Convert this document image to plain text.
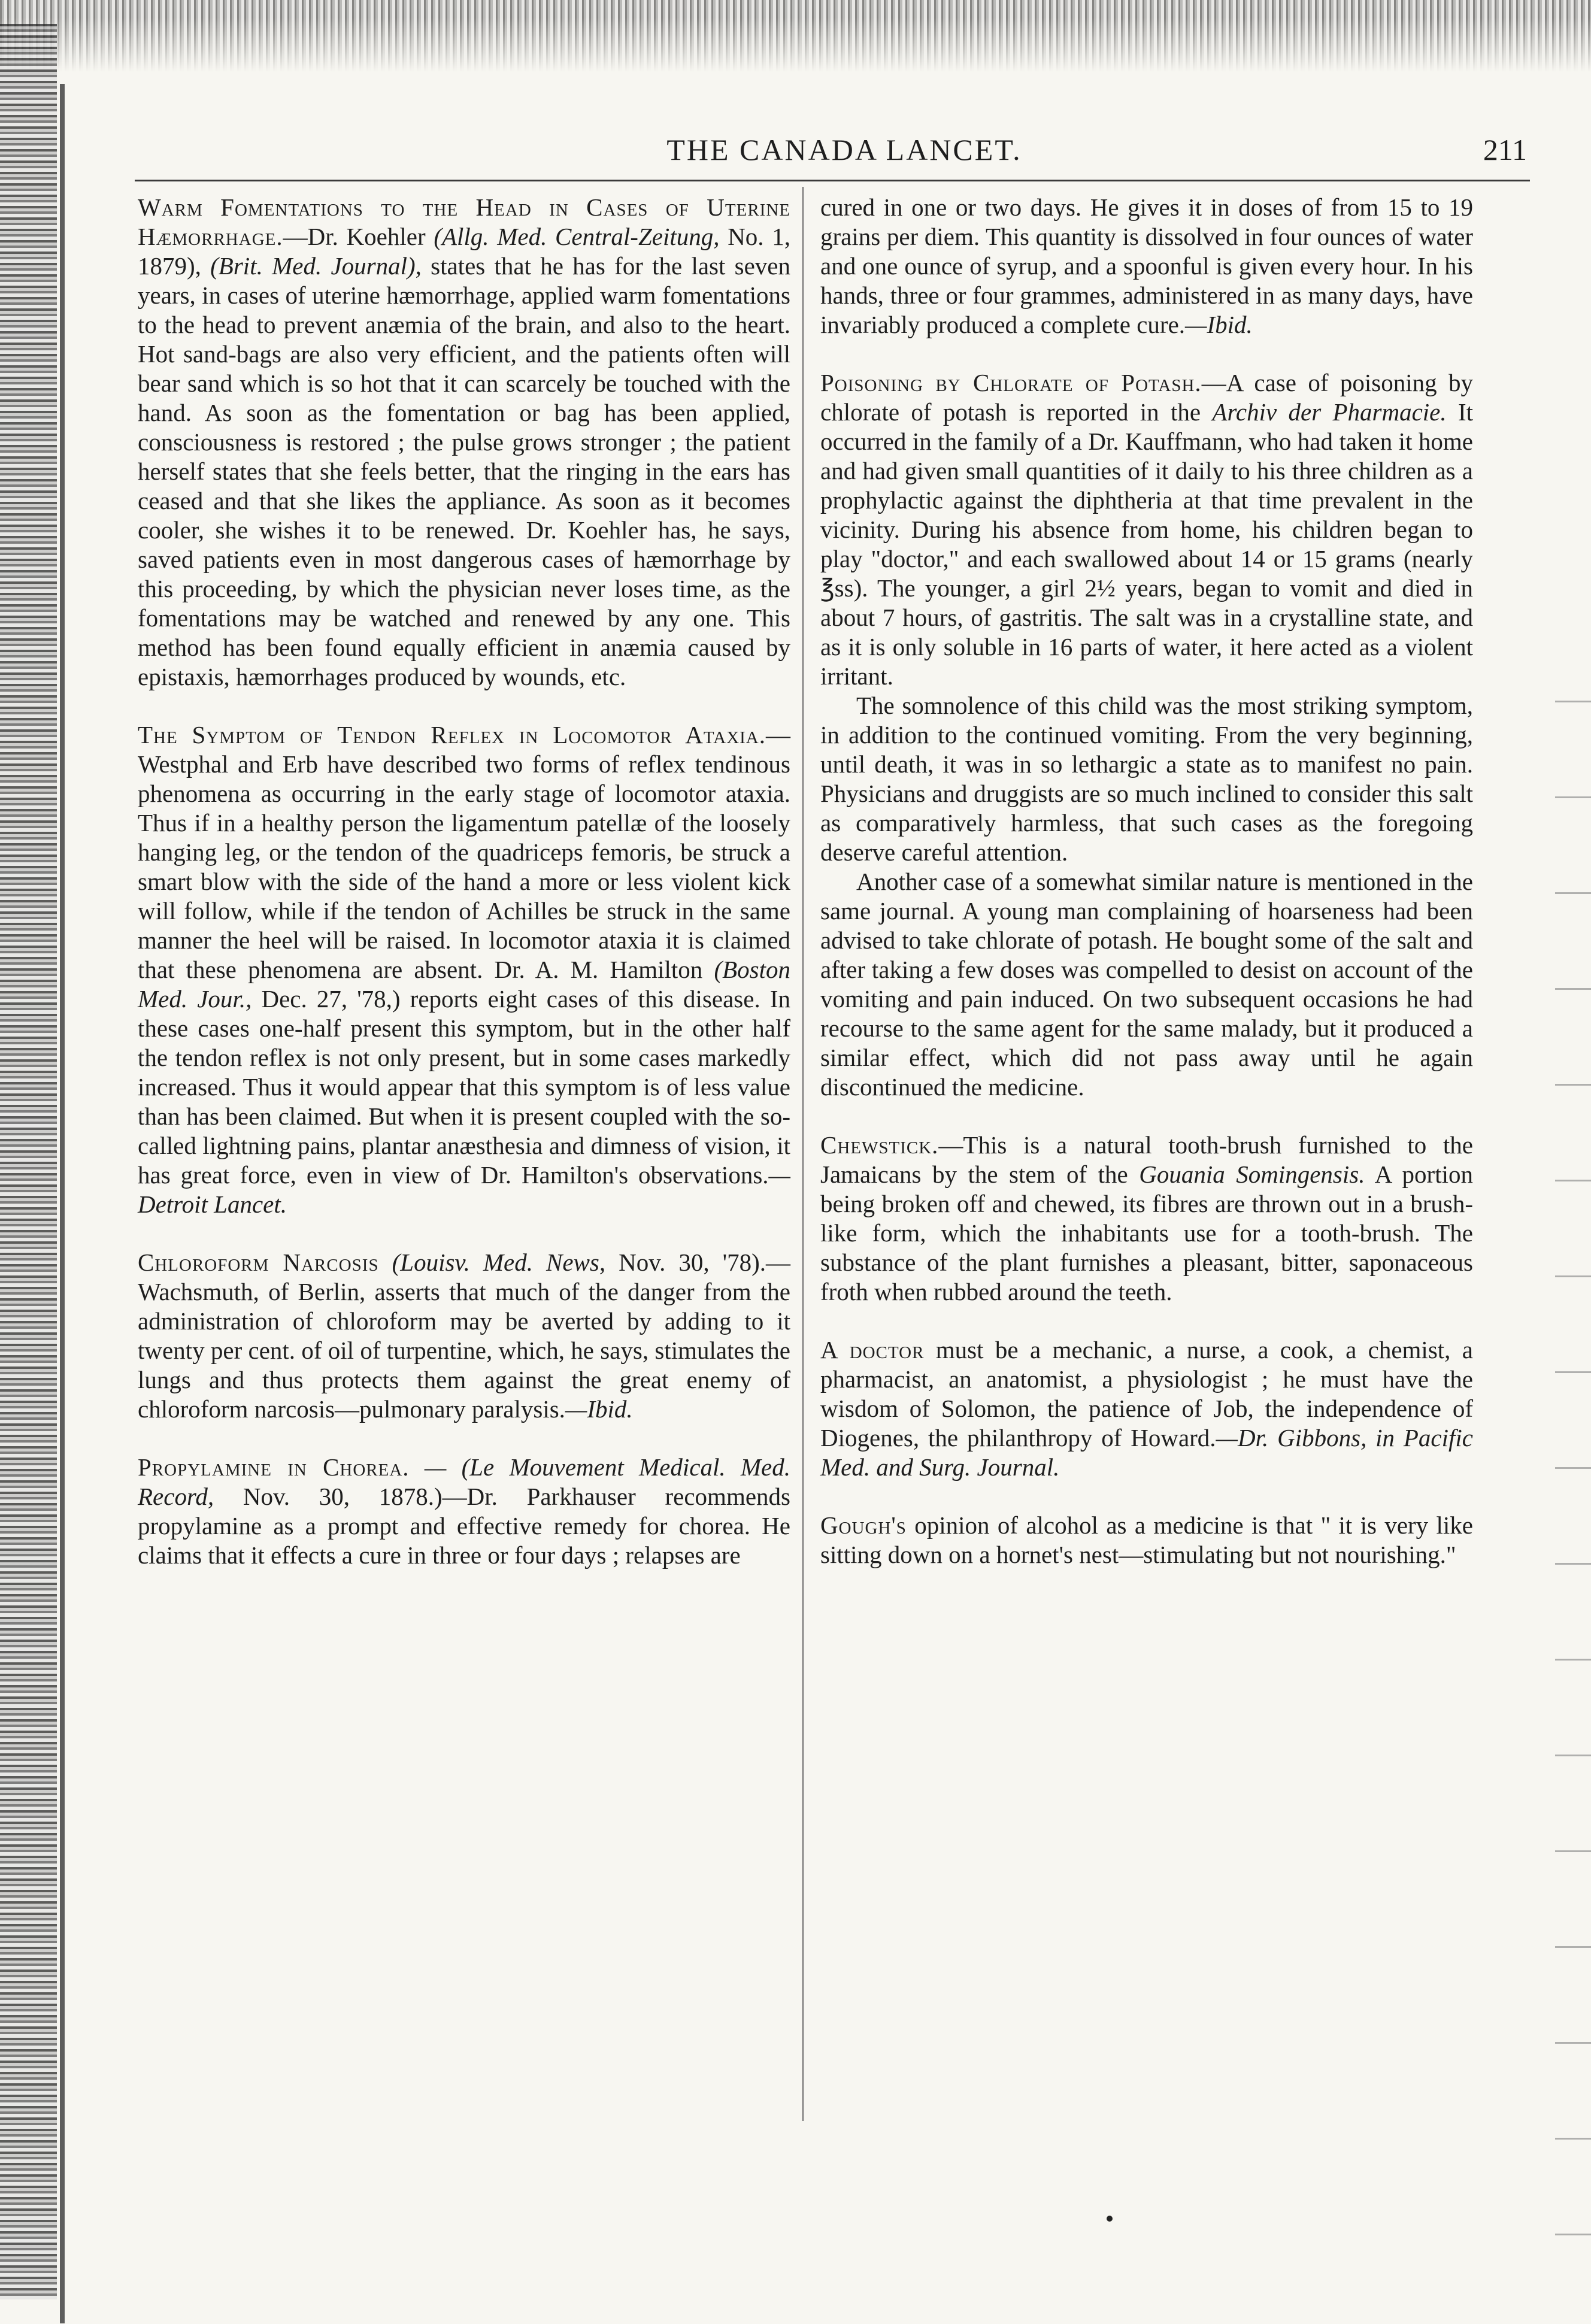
THE CANADA LANCET.	211

Warm Fomentations to the Head in Cases of Uterine Hæmorrhage.—Dr. Koehler (Allg. Med. Central-Zeitung, No. 1, 1879), (Brit. Med. Journal), states that he has for the last seven years, in cases of uterine hæmorrhage, applied warm fomentations to the head to prevent anæmia of the brain, and also to the heart. Hot sand-bags are also very efficient, and the patients often will bear sand which is so hot that it can scarcely be touched with the hand. As soon as the fomentation or bag has been applied, consciousness is restored ; the pulse grows stronger ; the patient herself states that she feels better, that the ringing in the ears has ceased and that she likes the appliance. As soon as it becomes cooler, she wishes it to be renewed. Dr. Koehler has, he says, saved patients even in most dangerous cases of hæmorrhage by this proceeding, by which the physician never loses time, as the fomentations may be watched and renewed by any one. This method has been found equally efficient in anæmia caused by epistaxis, hæmorrhages produced by wounds, etc.

The Symptom of Tendon Reflex in Locomotor Ataxia.—Westphal and Erb have described two forms of reflex tendinous phenomena as occurring in the early stage of locomotor ataxia. Thus if in a healthy person the ligamentum patellæ of the loosely hanging leg, or the tendon of the quadriceps femoris, be struck a smart blow with the side of the hand a more or less violent kick will follow, while if the tendon of Achilles be struck in the same manner the heel will be raised. In locomotor ataxia it is claimed that these phenomena are absent. Dr. A. M. Hamilton (Boston Med. Jour., Dec. 27, '78,) reports eight cases of this disease. In these cases one-half present this symptom, but in the other half the tendon reflex is not only present, but in some cases markedly increased. Thus it would appear that this symptom is of less value than has been claimed. But when it is present coupled with the so-called lightning pains, plantar anæsthesia and dimness of vision, it has great force, even in view of Dr. Hamilton's observations.—Detroit Lancet.

Chloroform Narcosis (Louisv. Med. News, Nov. 30, '78).—Wachsmuth, of Berlin, asserts that much of the danger from the administration of chloroform may be averted by adding to it twenty per cent. of oil of turpentine, which, he says, stimulates the lungs and thus protects them against the great enemy of chloroform narcosis—pulmonary paralysis.—Ibid.

Propylamine in Chorea. — (Le Mouvement Medical. Med. Record, Nov. 30, 1878.)—Dr. Parkhauser recommends propylamine as a prompt and effective remedy for chorea. He claims that it effects a cure in three or four days ; relapses are

cured in one or two days. He gives it in doses of from 15 to 19 grains per diem. This quantity is dissolved in four ounces of water and one ounce of syrup, and a spoonful is given every hour. In his hands, three or four grammes, administered in as many days, have invariably produced a complete cure.—Ibid.

Poisoning by Chlorate of Potash.—A case of poisoning by chlorate of potash is reported in the Archiv der Pharmacie. It occurred in the family of a Dr. Kauffmann, who had taken it home and had given small quantities of it daily to his three children as a prophylactic against the diphtheria at that time prevalent in the vicinity. During his absence from home, his children began to play "doctor," and each swallowed about 14 or 15 grams (nearly ℥ss). The younger, a girl 2½ years, began to vomit and died in about 7 hours, of gastritis. The salt was in a crystalline state, and as it is only soluble in 16 parts of water, it here acted as a violent irritant.

The somnolence of this child was the most striking symptom, in addition to the continued vomiting. From the very beginning, until death, it was in so lethargic a state as to manifest no pain. Physicians and druggists are so much inclined to consider this salt as comparatively harmless, that such cases as the foregoing deserve careful attention.

Another case of a somewhat similar nature is mentioned in the same journal. A young man complaining of hoarseness had been advised to take chlorate of potash. He bought some of the salt and after taking a few doses was compelled to desist on account of the vomiting and pain induced. On two subsequent occasions he had recourse to the same agent for the same malady, but it produced a similar effect, which did not pass away until he again discontinued the medicine.

Chewstick.—This is a natural tooth-brush furnished to the Jamaicans by the stem of the Gouania Somingensis. A portion being broken off and chewed, its fibres are thrown out in a brush-like form, which the inhabitants use for a tooth-brush. The substance of the plant furnishes a pleasant, bitter, saponaceous froth when rubbed around the teeth.

A doctor must be a mechanic, a nurse, a cook, a chemist, a pharmacist, an anatomist, a physiologist ; he must have the wisdom of Solomon, the patience of Job, the independence of Diogenes, the philanthropy of Howard.—Dr. Gibbons, in Pacific Med. and Surg. Journal.

Gough's opinion of alcohol as a medicine is that " it is very like sitting down on a hornet's nest—stimulating but not nourishing."
